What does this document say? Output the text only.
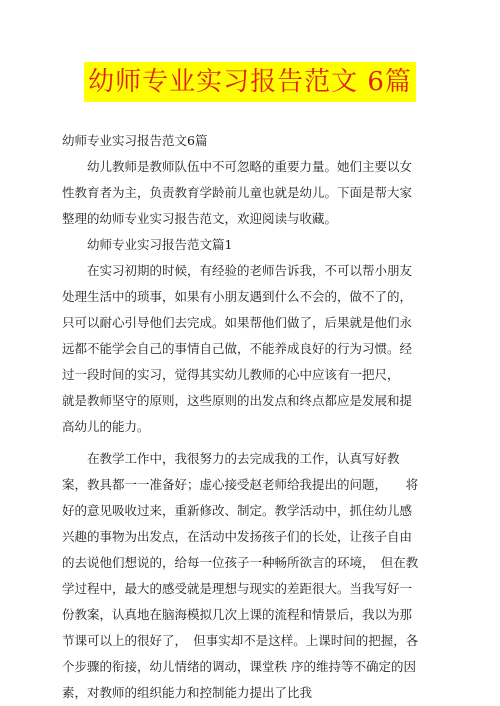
幼师专业实习报告范文 6篇

幼师专业实习报告范文6篇

幼儿教师是教师队伍中不可忽略的重要力量。她们主要以女性教育者为主，负责教育学龄前儿童也就是幼儿。下面是帮大家整理的幼师专业实习报告范文，欢迎阅读与收藏。

幼师专业实习报告范文篇1

在实习初期的时候，有经验的老师告诉我，不可以帮小朋友处理生活中的琐事，如果有小朋友遇到什么不会的，做不了的，只可以耐心引导他们去完成。如果帮他们做了，后果就是他们永远都不能学会自己的事情自己做，不能养成良好的行为习惯。经过一段时间的实习，觉得其实幼儿教师的心中应该有一把尺，　　　就是教师坚守的原则，这些原则的出发点和终点都应是发展和提高幼儿的能力。

在教学工作中，我很努力的去完成我的工作，认真写好教案，教具都一一准备好；虚心接受赵老师给我提出的问题，　　将好的意见吸收过来，重新修改、制定。教学活动中，抓住幼儿感兴趣的事物为出发点，在活动中发扬孩子们的长处，让孩子自由的去说他们想说的，给每一位孩子一种畅所欲言的环境，　但在教学过程中，最大的感受就是理想与现实的差距很大。当我写好一份教案，认真地在脑海模拟几次上课的流程和情景后，我以为那节课可以上的很好了，　但事实却不是这样。上课时间的把握，各个步骤的衔接，幼儿情绪的调动，课堂秩 序的维持等不确定的因素，对教师的组织能力和控制能力提出了比我
